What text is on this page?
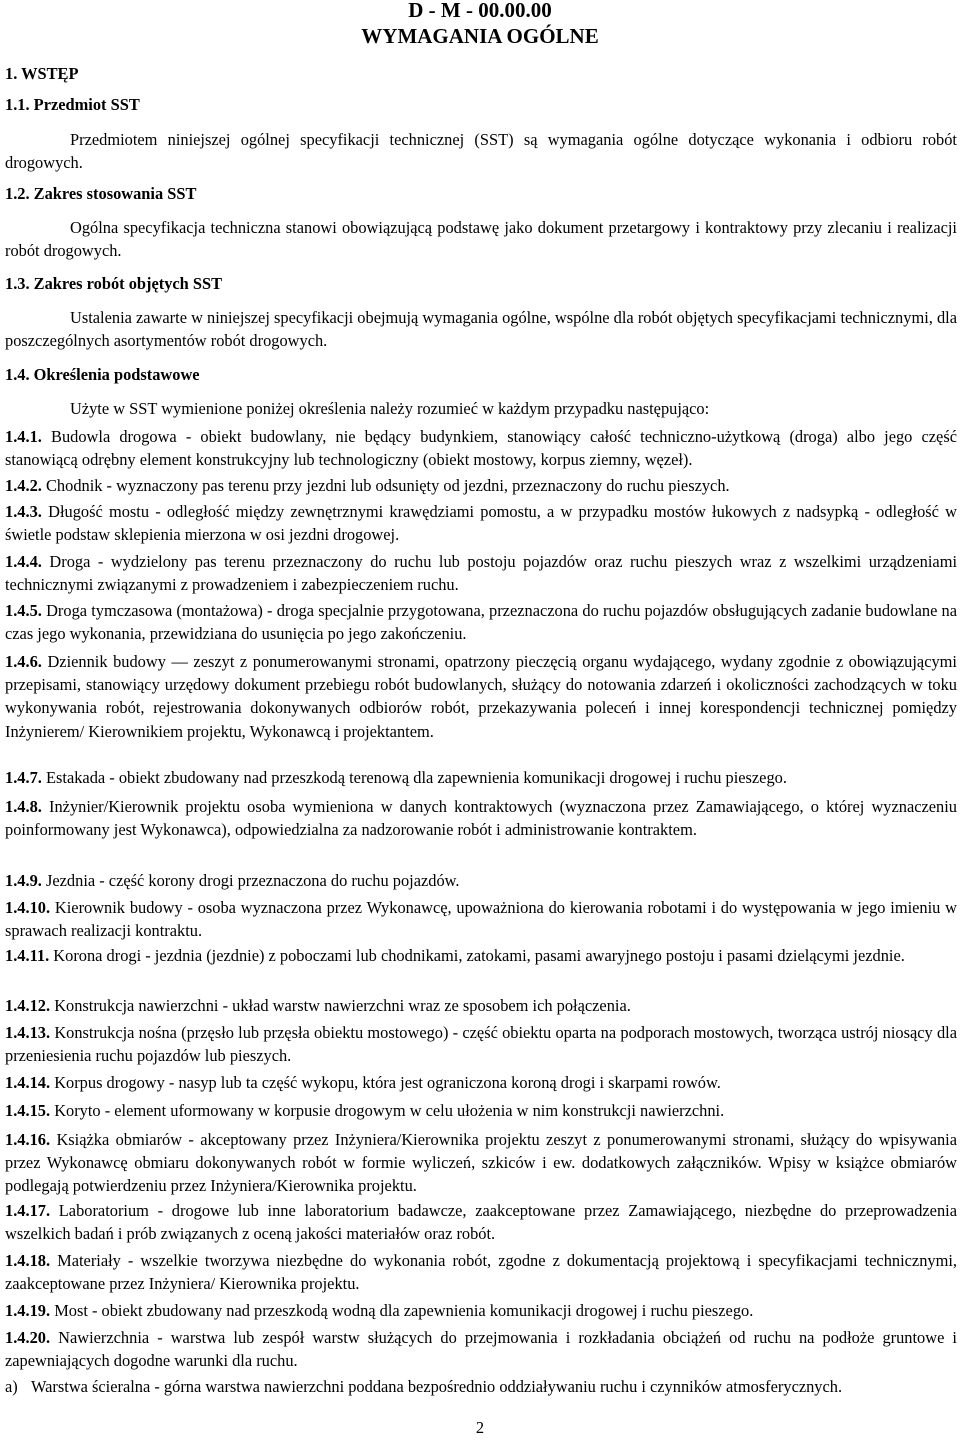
D - M - 00.00.00
WYMAGANIA OGÓLNE
1. WSTĘP
1.1. Przedmiot SST
Przedmiotem niniejszej ogólnej specyfikacji technicznej (SST) są wymagania ogólne dotyczące wykonania i odbioru robót drogowych.
1.2. Zakres stosowania SST
Ogólna specyfikacja techniczna stanowi obowiązującą podstawę jako dokument przetargowy i kontraktowy przy zlecaniu i realizacji robót drogowych.
1.3. Zakres robót objętych SST
Ustalenia zawarte w niniejszej specyfikacji obejmują wymagania ogólne, wspólne dla robót objętych specyfikacjami technicznymi, dla poszczególnych asortymentów robót drogowych.
1.4. Określenia podstawowe
Użyte w SST wymienione poniżej określenia należy rozumieć w każdym przypadku następująco:
1.4.1. Budowla drogowa - obiekt budowlany, nie będący budynkiem, stanowiący całość techniczno-użytkową (droga) albo jego część stanowiącą odrębny element konstrukcyjny lub technologiczny (obiekt mostowy, korpus ziemny, węzeł).
1.4.2. Chodnik - wyznaczony pas terenu przy jezdni lub odsunięty od jezdni, przeznaczony do ruchu pieszych.
1.4.3. Długość mostu - odległość między zewnętrznymi krawędziami pomostu, a w przypadku mostów łukowych z nadsypką - odległość w świetle podstaw sklepienia mierzona w osi jezdni drogowej.
1.4.4. Droga - wydzielony pas terenu przeznaczony do ruchu lub postoju pojazdów oraz ruchu pieszych wraz z wszelkimi urządzeniami technicznymi związanymi z prowadzeniem i zabezpieczeniem ruchu.
1.4.5. Droga tymczasowa (montażowa) - droga specjalnie przygotowana, przeznaczona do ruchu pojazdów obsługujących zadanie budowlane na czas jego wykonania, przewidziana do usunięcia po jego zakończeniu.
1.4.6. Dziennik budowy — zeszyt z ponumerowanymi stronami, opatrzony pieczęcią organu wydającego, wydany zgodnie z obowiązującymi przepisami, stanowiący urzędowy dokument przebiegu robót budowlanych, służący do notowania zdarzeń i okoliczności zachodzących w toku wykonywania robót, rejestrowania dokonywanych odbiorów robót, przekazywania poleceń i innej korespondencji technicznej pomiędzy Inżynierem/ Kierownikiem projektu, Wykonawcą i projektantem.
1.4.7. Estakada - obiekt zbudowany nad przeszkodą terenową dla zapewnienia komunikacji drogowej i ruchu pieszego.
1.4.8. Inżynier/Kierownik projektu osoba wymieniona w danych kontraktowych (wyznaczona przez Zamawiającego, o której wyznaczeniu poinformowany jest Wykonawca), odpowiedzialna za nadzorowanie robót i administrowanie kontraktem.
1.4.9. Jezdnia - część korony drogi przeznaczona do ruchu pojazdów.
1.4.10. Kierownik budowy - osoba wyznaczona przez Wykonawcę, upoważniona do kierowania robotami i do występowania w jego imieniu w sprawach realizacji kontraktu.
1.4.11. Korona drogi - jezdnia (jezdnie) z poboczami lub chodnikami, zatokami, pasami awaryjnego postoju i pasami dzielącymi jezdnie.
1.4.12. Konstrukcja nawierzchni - układ warstw nawierzchni wraz ze sposobem ich połączenia.
1.4.13. Konstrukcja nośna (przęsło lub przęsła obiektu mostowego) - część obiektu oparta na podporach mostowych, tworząca ustrój niosący dla przeniesienia ruchu pojazdów lub pieszych.
1.4.14. Korpus drogowy - nasyp lub ta część wykopu, która jest ograniczona koroną drogi i skarpami rowów.
1.4.15. Koryto - element uformowany w korpusie drogowym w celu ułożenia w nim konstrukcji nawierzchni.
1.4.16. Książka obmiarów - akceptowany przez Inżyniera/Kierownika projektu zeszyt z ponumerowanymi stronami, służący do wpisywania przez Wykonawcę obmiaru dokonywanych robót w formie wyliczeń, szkiców i ew. dodatkowych załączników. Wpisy w książce obmiarów podlegają potwierdzeniu przez Inżyniera/Kierownika projektu.
1.4.17. Laboratorium - drogowe lub inne laboratorium badawcze, zaakceptowane przez Zamawiającego, niezbędne do przeprowadzenia wszelkich badań i prób związanych z oceną jakości materiałów oraz robót.
1.4.18. Materiały - wszelkie tworzywa niezbędne do wykonania robót, zgodne z dokumentacją projektową i specyfikacjami technicznymi, zaakceptowane przez Inżyniera/ Kierownika projektu.
1.4.19. Most - obiekt zbudowany nad przeszkodą wodną dla zapewnienia komunikacji drogowej i ruchu pieszego.
1.4.20. Nawierzchnia - warstwa lub zespół warstw służących do przejmowania i rozkładania obciążeń od ruchu na podłoże gruntowe i zapewniających dogodne warunki dla ruchu.
a) Warstwa ścieralna - górna warstwa nawierzchni poddana bezpośrednio oddziaływaniu ruchu i czynników atmosferycznych.
2
